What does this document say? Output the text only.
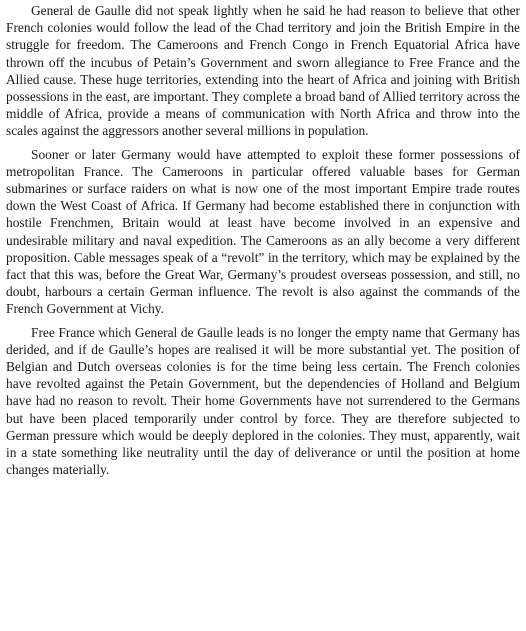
General de Gaulle did not speak lightly when he said he had reason to believe that other French colonies would follow the lead of the Chad territory and join the British Empire in the struggle for freedom. The Cameroons and French Congo in French Equatorial Africa have thrown off the incubus of Petain’s Government and sworn allegiance to Free France and the Allied cause. These huge territories, extending into the heart of Africa and joining with British possessions in the east, are important. They complete a broad band of Allied territory across the middle of Africa, provide a means of communication with North Africa and throw into the scales against the aggressors another several millions in population.

Sooner or later Germany would have attempted to exploit these former possessions of metropolitan France. The Cameroons in particular offered valuable bases for German submarines or surface raiders on what is now one of the most important Empire trade routes down the West Coast of Africa. If Germany had become established there in conjunction with hostile Frenchmen, Britain would at least have become involved in an expensive and undesirable military and naval expedition. The Cameroons as an ally become a very different proposition. Cable messages speak of a “revolt” in the territory, which may be explained by the fact that this was, before the Great War, Germany’s proudest overseas possession, and still, no doubt, harbours a certain German influence. The revolt is also against the commands of the French Government at Vichy.

Free France which General de Gaulle leads is no longer the empty name that Germany has derided, and if de Gaulle’s hopes are realised it will be more substantial yet. The position of Belgian and Dutch overseas colonies is for the time being less certain. The French colonies have revolted against the Petain Government, but the dependencies of Holland and Belgium have had no reason to revolt. Their home Governments have not surrendered to the Germans but have been placed temporarily under control by force. They are therefore subjected to German pressure which would be deeply deplored in the colonies. They must, apparently, wait in a state something like neutrality until the day of deliverance or until the position at home changes materially.
